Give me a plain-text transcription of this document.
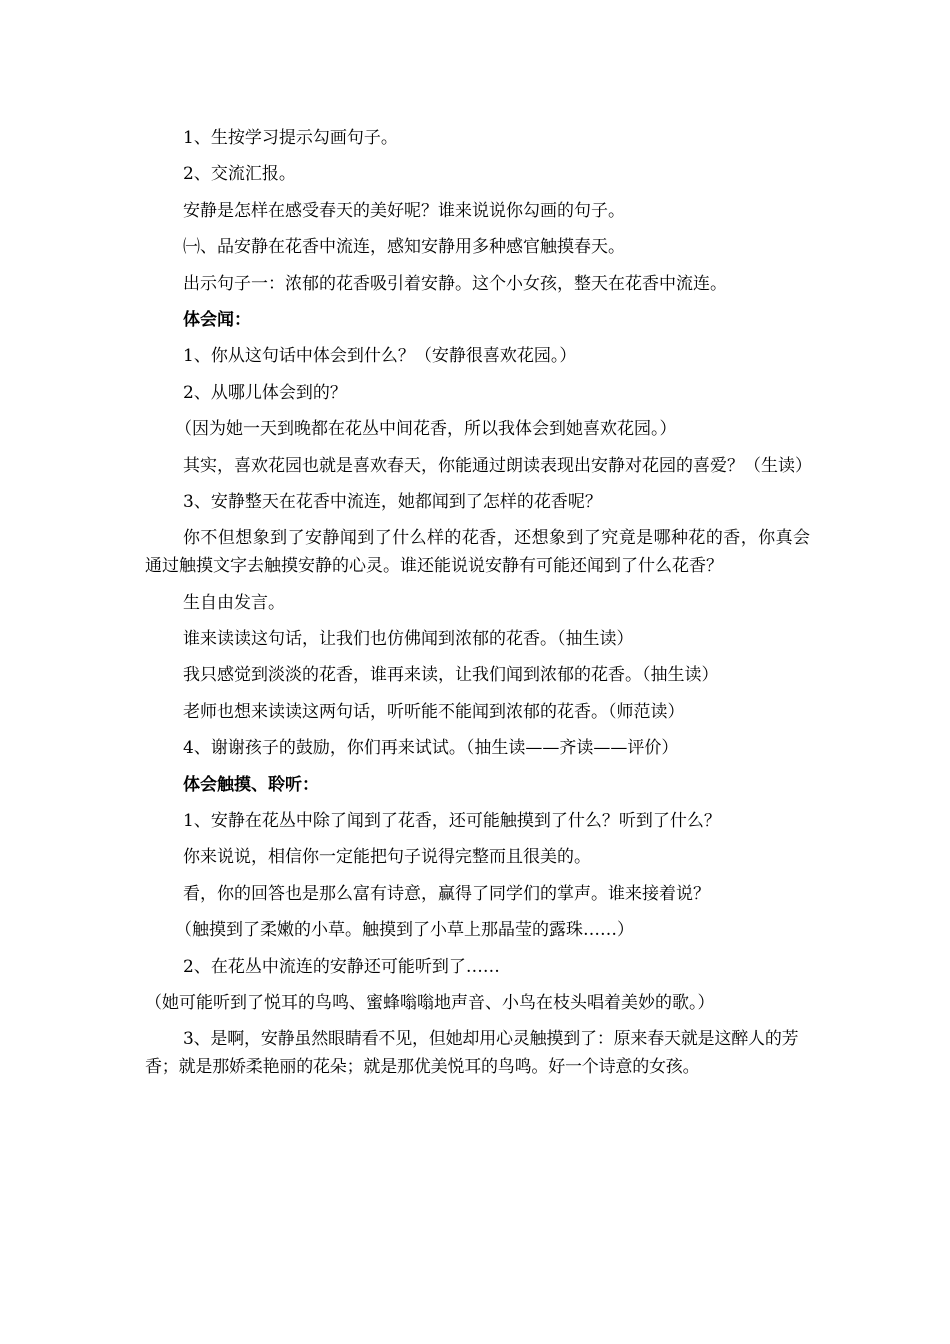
1、生按学习提示勾画句子。

2、交流汇报。

安静是怎样在感受春天的美好呢？谁来说说你勾画的句子。

㈠、品安静在花香中流连，感知安静用多种感官触摸春天。

出示句子一：浓郁的花香吸引着安静。这个小女孩，整天在花香中流连。

体会闻：

1、你从这句话中体会到什么？（安静很喜欢花园。）

2、从哪儿体会到的？

（因为她一天到晚都在花丛中间花香，所以我体会到她喜欢花园。）

其实，喜欢花园也就是喜欢春天，你能通过朗读表现出安静对花园的喜爱？（生读）

3、安静整天在花香中流连，她都闻到了怎样的花香呢？

你不但想象到了安静闻到了什么样的花香，还想象到了究竟是哪种花的香，你真会通过触摸文字去触摸安静的心灵。谁还能说说安静有可能还闻到了什么花香？

生自由发言。

谁来读读这句话，让我们也仿佛闻到浓郁的花香。（抽生读）

我只感觉到淡淡的花香，谁再来读，让我们闻到浓郁的花香。（抽生读）

老师也想来读读这两句话，听听能不能闻到浓郁的花香。（师范读）

4、谢谢孩子的鼓励，你们再来试试。（抽生读——齐读——评价）

体会触摸、聆听：

1、安静在花丛中除了闻到了花香，还可能触摸到了什么？听到了什么？

你来说说，相信你一定能把句子说得完整而且很美的。

看，你的回答也是那么富有诗意，赢得了同学们的掌声。谁来接着说？

（触摸到了柔嫩的小草。触摸到了小草上那晶莹的露珠……）

2、在花丛中流连的安静还可能听到了……

（她可能听到了悦耳的鸟鸣、蜜蜂嗡嗡地声音、小鸟在枝头唱着美妙的歌。）

3、是啊，安静虽然眼睛看不见，但她却用心灵触摸到了：原来春天就是这醉人的芳香；就是那娇柔艳丽的花朵；就是那优美悦耳的鸟鸣。好一个诗意的女孩。
